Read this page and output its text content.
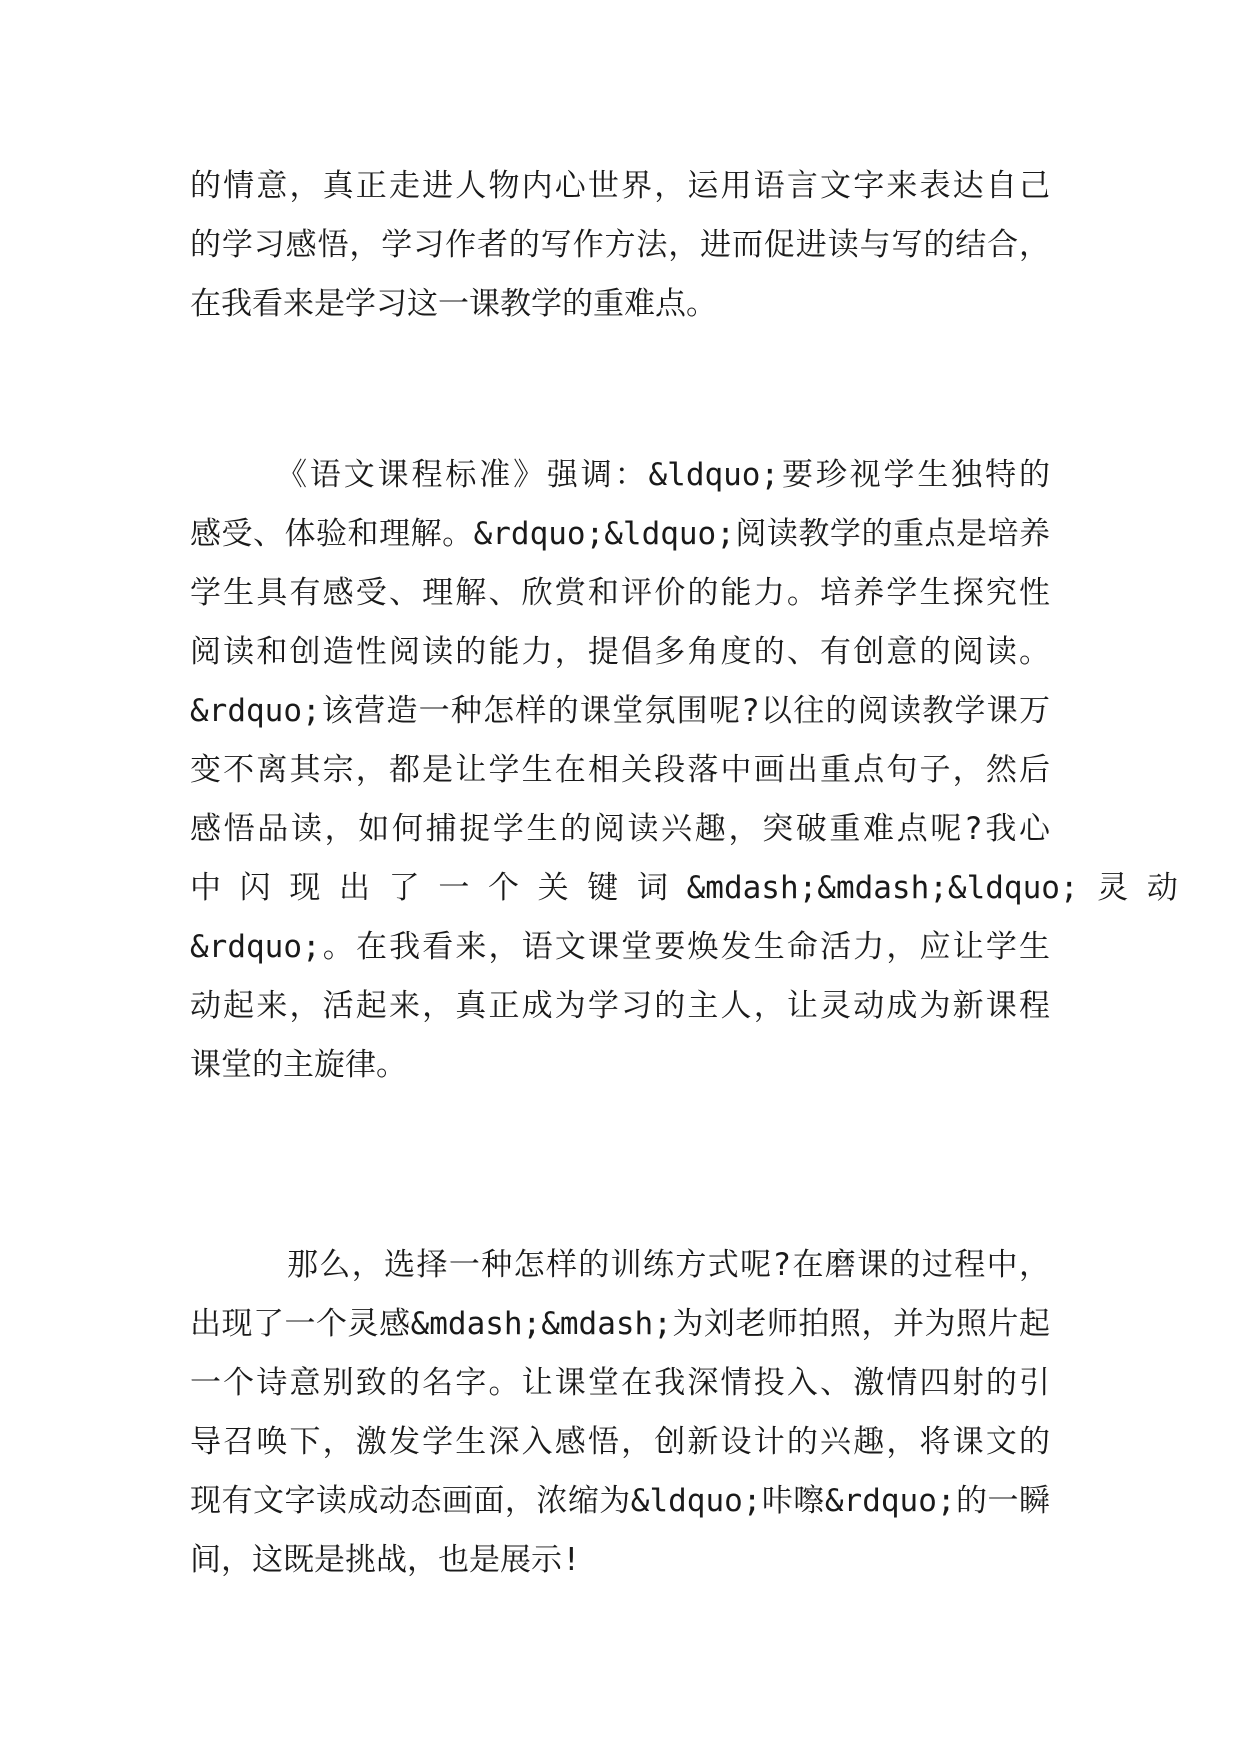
的情意，真正走进人物内心世界，运用语言文字来表达自己
的学习感悟，学习作者的写作方法，进而促进读与写的结合，
在我看来是学习这一课教学的重难点。
　　　《语文课程标准》强调：&ldquo;要珍视学生独特的
感受、体验和理解。&rdquo;&ldquo;阅读教学的重点是培养
学生具有感受、理解、欣赏和评价的能力。培养学生探究性
阅读和创造性阅读的能力，提倡多角度的、有创意的阅读。
&rdquo;该营造一种怎样的课堂氛围呢?以往的阅读教学课万
变不离其宗，都是让学生在相关段落中画出重点句子，然后
感悟品读，如何捕捉学生的阅读兴趣，突破重难点呢?我心
中 闪 现 出 了 一 个 关 键 词 &mdash;&mdash;&ldquo; 灵 动
&rdquo;。在我看来，语文课堂要焕发生命活力，应让学生
动起来，活起来，真正成为学习的主人，让灵动成为新课程
课堂的主旋律。
　　　那么，选择一种怎样的训练方式呢?在磨课的过程中，
出现了一个灵感&mdash;&mdash;为刘老师拍照，并为照片起
一个诗意别致的名字。让课堂在我深情投入、激情四射的引
导召唤下，激发学生深入感悟，创新设计的兴趣，将课文的
现有文字读成动态画面，浓缩为&ldquo;咔嚓&rdquo;的一瞬
间，这既是挑战，也是展示!
